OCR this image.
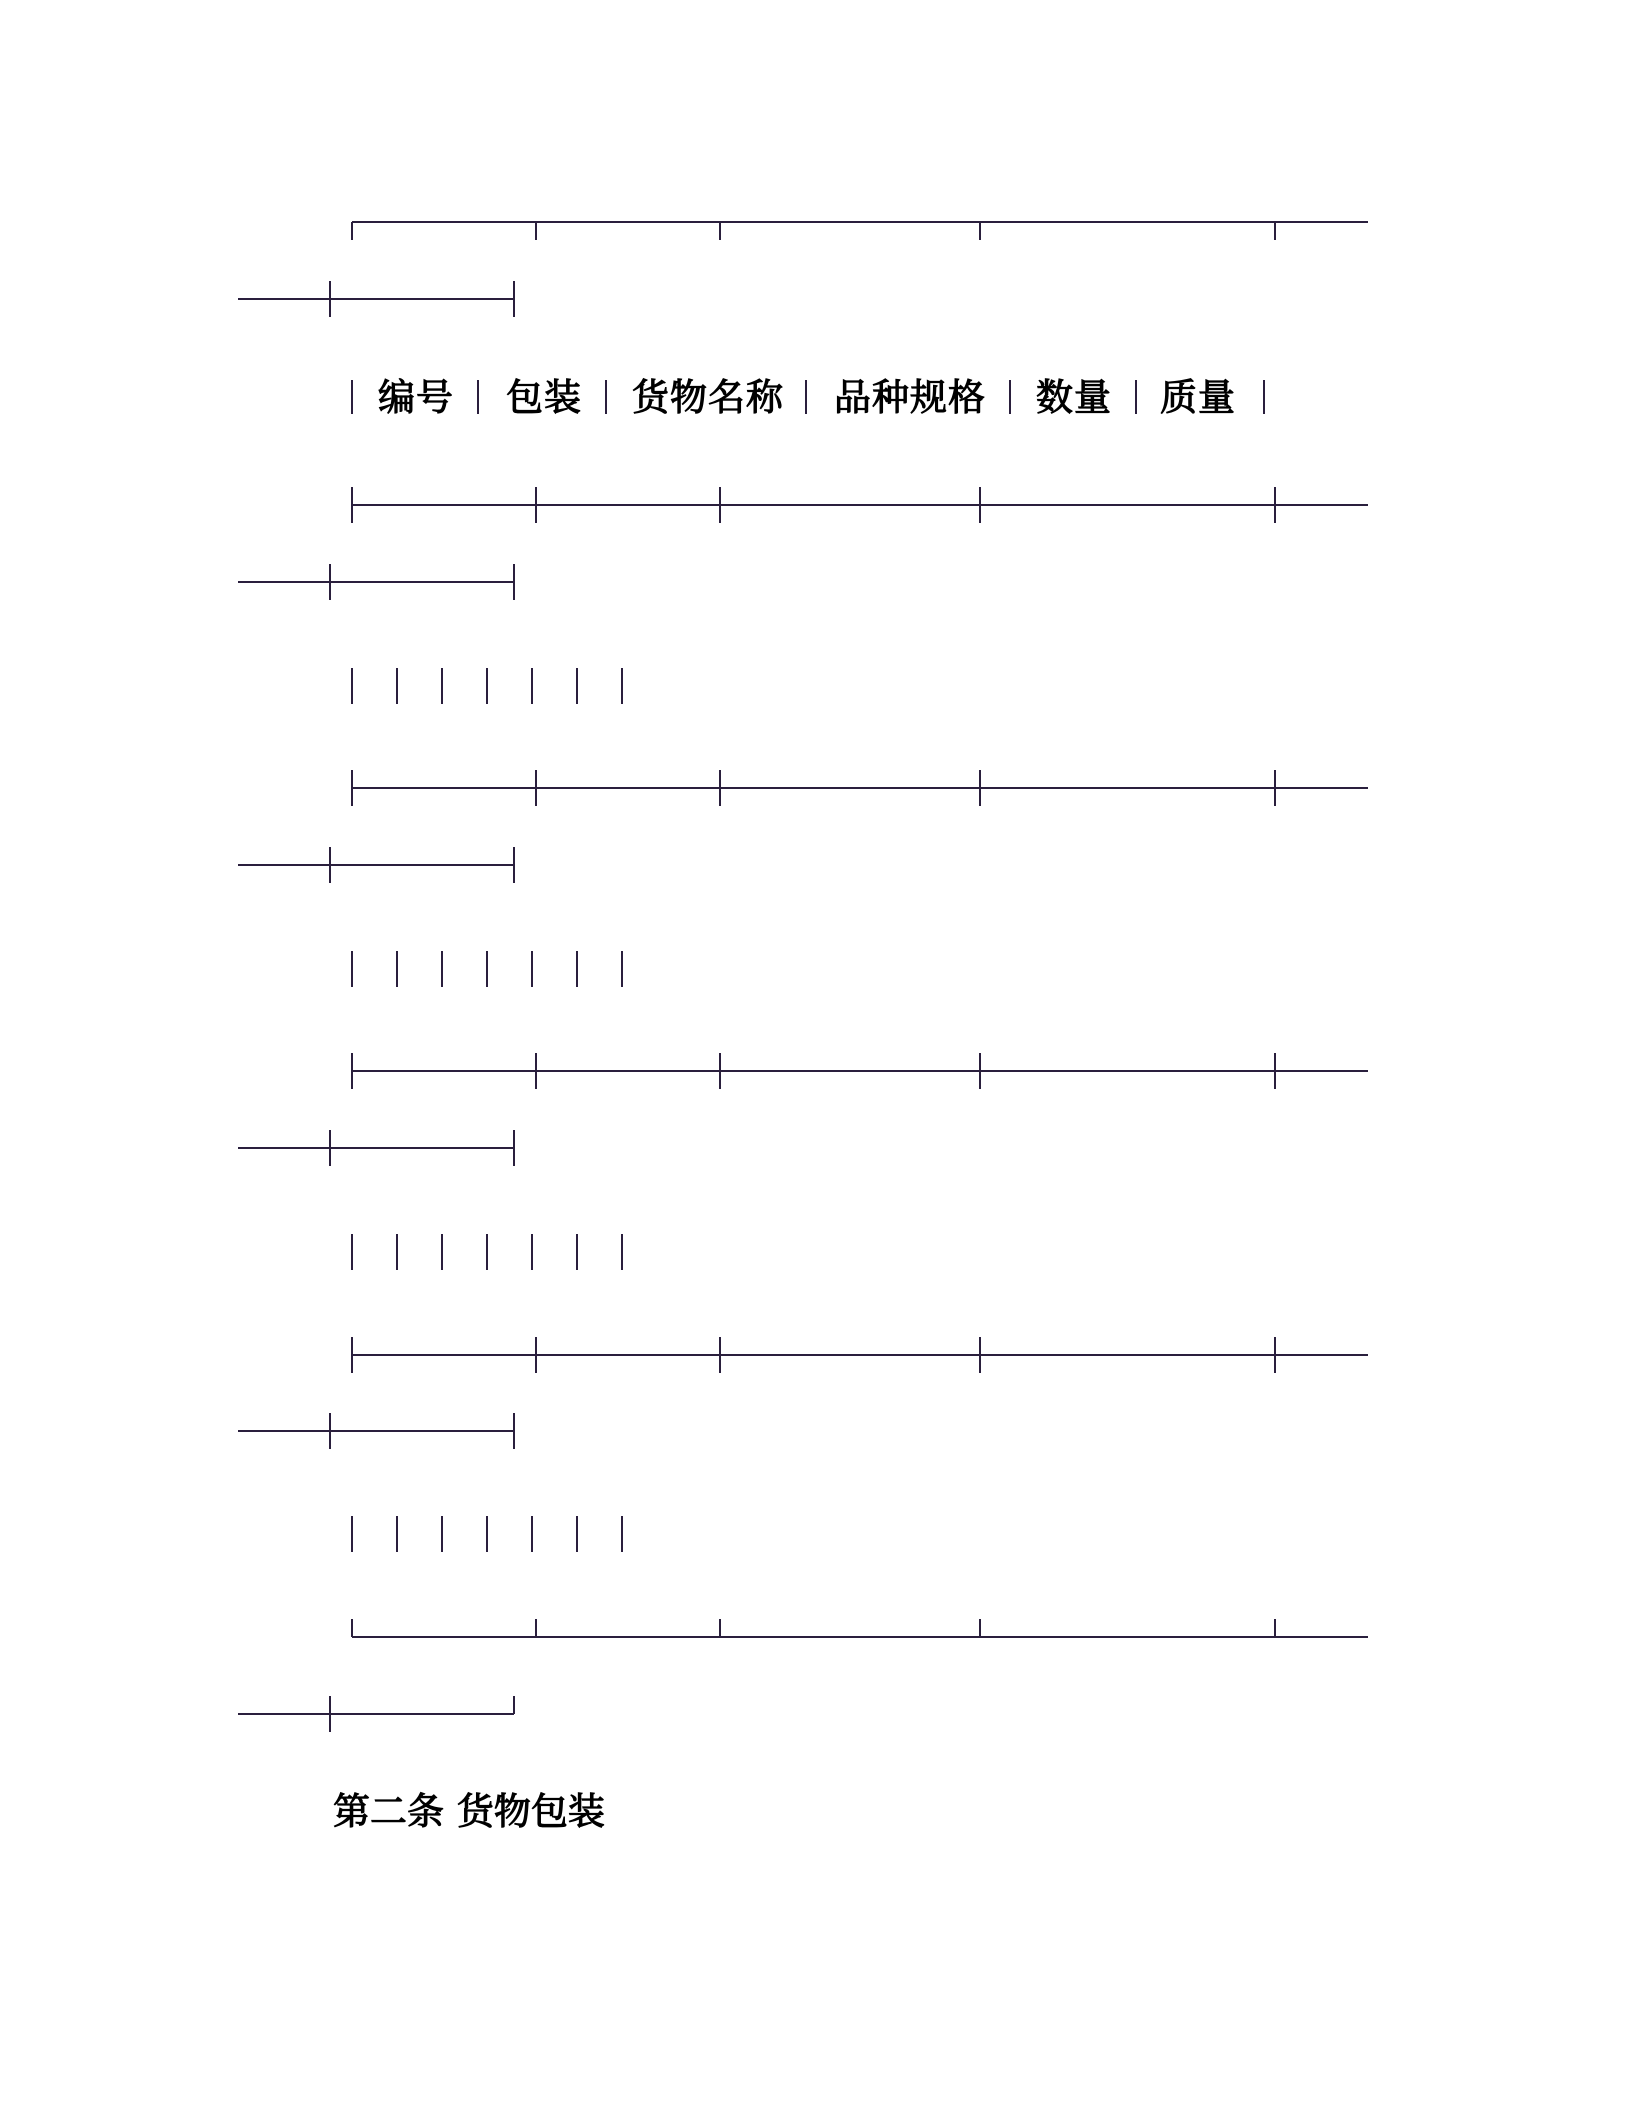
编号 包装 货物名称 品种规格 数量 质量
第二条 货物包装
